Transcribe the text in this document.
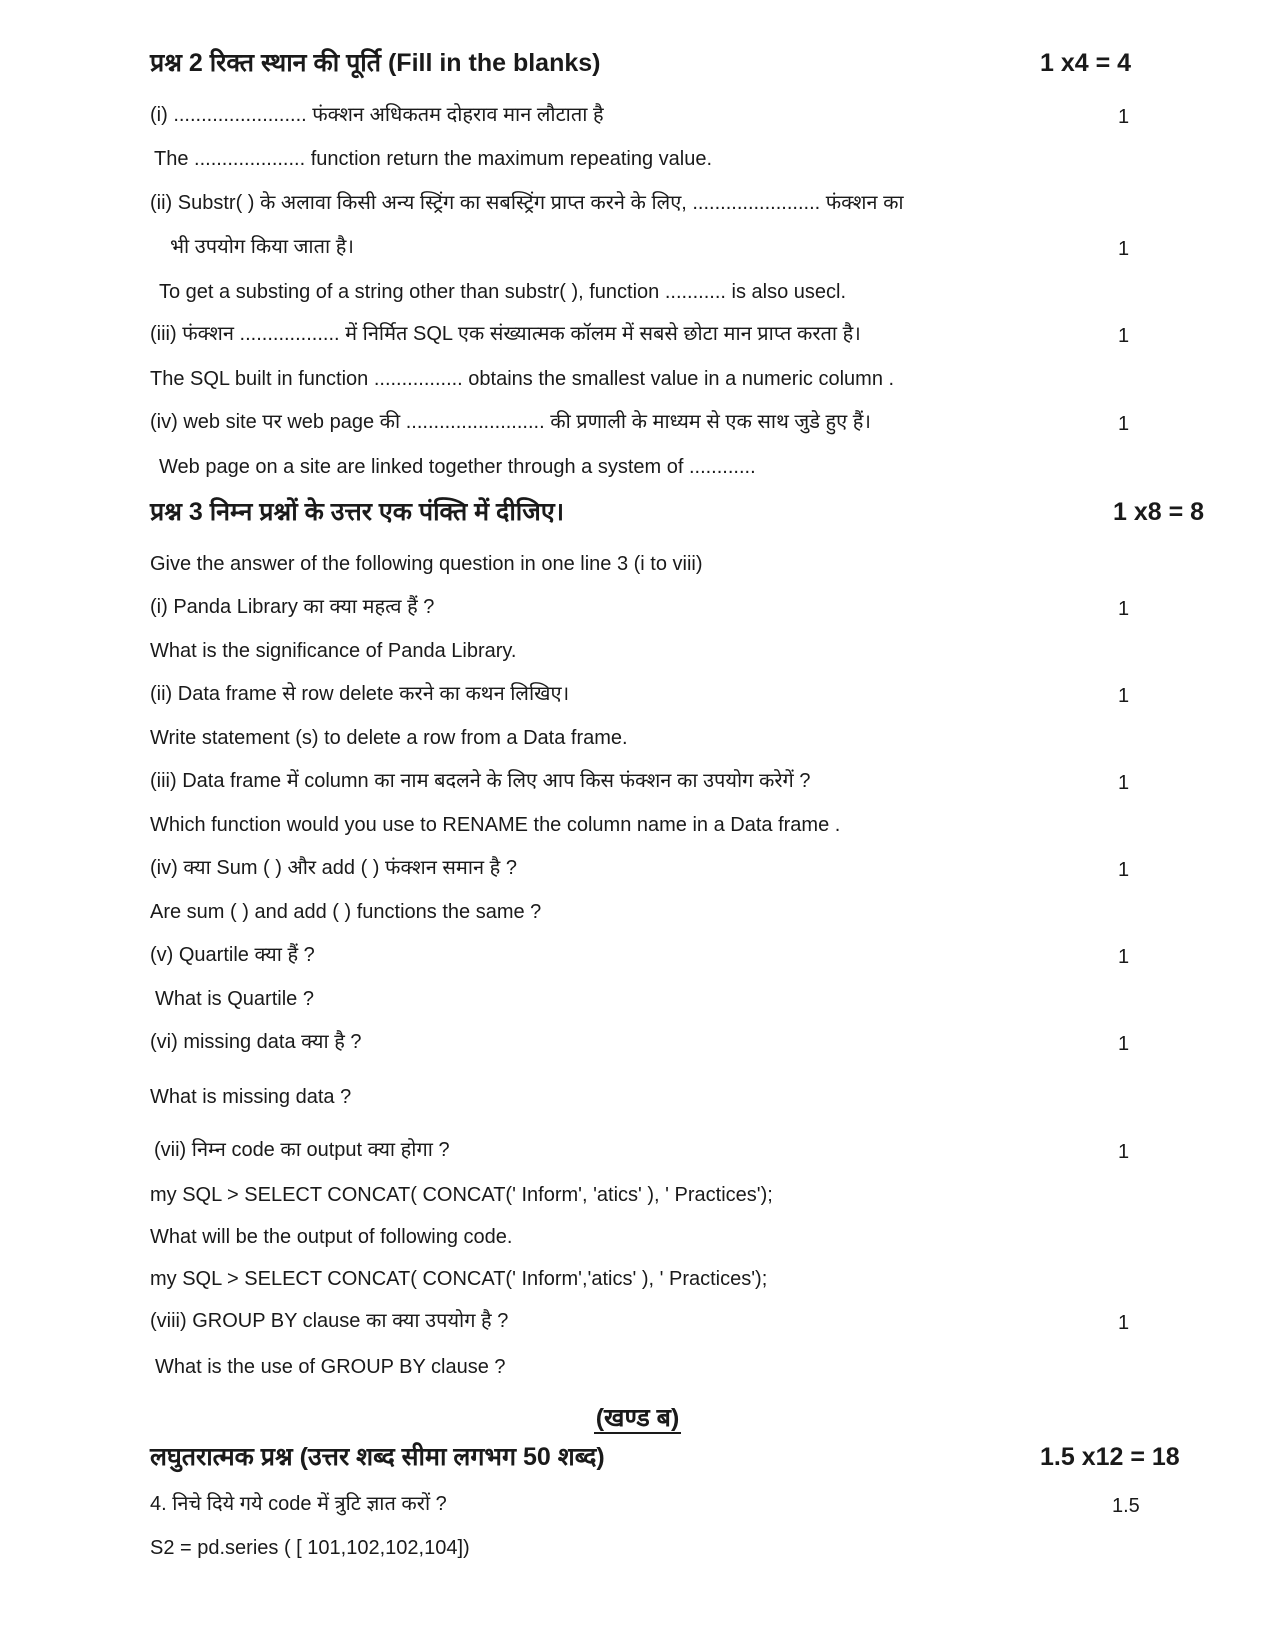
प्रश्न 2 रिक्त स्थान की पूर्ति (Fill in the blanks)	1 x4 = 4
(i) ........................ फंक्शन अधिकतम दोहराव मान लौटाता है	1
The .................... function return the maximum repeating value.
(ii) Substr( ) के अलावा किसी अन्य स्ट्रिंग का सबस्ट्रिंग प्राप्त करने के लिए, ....................... फंक्शन का
भी उपयोग किया जाता है।	1
To get a substing of a string other than substr( ), function ........... is also usecl.
(iii) फंक्शन .................. में निर्मित SQL एक संख्यात्मक कॉलम में सबसे छोटा मान प्राप्त करता है।	1
The SQL built in function ................ obtains the smallest value in a numeric column .
(iv) web site पर web page की ......................... की प्रणाली के माध्यम से एक साथ जुडे हुए हैं।	1
Web page on a site are linked together through a system of ............
प्रश्न 3 निम्न प्रश्नों के उत्तर एक पंक्ति में दीजिए।	1 x8 = 8
Give the answer of the following question in one line 3 (i to viii)
(i) Panda Library का क्या महत्व हैं ?	1
What is the significance of Panda Library.
(ii) Data frame से row delete करने का कथन लिखिए।	1
Write statement (s) to delete a row from a Data frame.
(iii) Data frame में column का नाम बदलने के लिए आप किस फंक्शन का उपयोग करेगें ?	1
Which function would you use to RENAME the column name in a Data frame .
(iv) क्या Sum ( ) और add ( ) फंक्शन समान है ?	1
Are sum ( ) and add ( ) functions the same ?
(v) Quartile क्या हैं ?	1
What is Quartile ?
(vi) missing data क्या है ?	1
What is missing data ?
(vii) निम्न code का output क्या होगा ?	1
my SQL > SELECT CONCAT( CONCAT(' Inform', 'atics' ), ' Practices');
What will be the output of following code.
my SQL > SELECT CONCAT( CONCAT(' Inform','atics' ), ' Practices');
(viii) GROUP BY clause का क्या उपयोग है ?	1
What is the use of GROUP BY clause ?
(खण्ड ब)
लघुतरात्मक प्रश्न (उत्तर शब्द सीमा लगभग 50 शब्द)	1.5 x12 = 18
4. निचे दिये गये code में त्रुटि ज्ञात करों ?	1.5
S2 = pd.series ( [ 101,102,102,104])
